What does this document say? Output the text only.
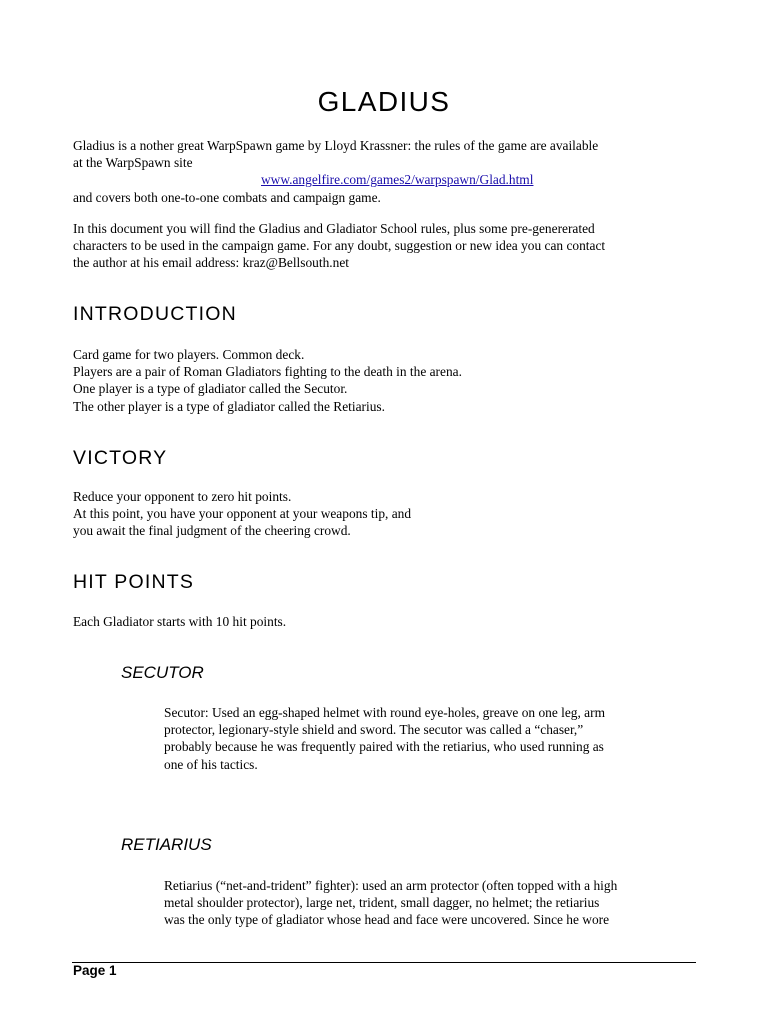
GLADIUS
Gladius is a nother great WarpSpawn game by Lloyd Krassner: the rules of the game are available
at the WarpSpawn site
www.angelfire.com/games2/warpspawn/Glad.html
and covers both one-to-one combats and campaign game.
In this document you will find the Gladius and Gladiator School rules, plus some pre-genererated
characters to be used in the campaign game. For any doubt, suggestion or new idea you can contact
the author at his email address: kraz@Bellsouth.net
INTRODUCTION
Card game for two players. Common deck.
Players are a pair of Roman Gladiators fighting to the death in the arena.
One player is a type of gladiator called the Secutor.
The other player is a type of gladiator called the Retiarius.
VICTORY
Reduce your opponent to zero hit points.
At this point, you have your opponent at your weapons tip, and
you await the final judgment of the cheering crowd.
HIT POINTS
Each Gladiator starts with 10 hit points.
SECUTOR
Secutor: Used an egg-shaped helmet with round eye-holes, greave on one leg, arm
protector, legionary-style shield and sword. The secutor was called a “chaser,”
probably because he was frequently paired with the retiarius, who used running as
one of his tactics.
RETIARIUS
Retiarius (“net-and-trident” fighter): used an arm protector (often topped with a high
metal shoulder protector), large net, trident, small dagger, no helmet; the retiarius
was the only type of gladiator whose head and face were uncovered. Since he wore
Page 1
